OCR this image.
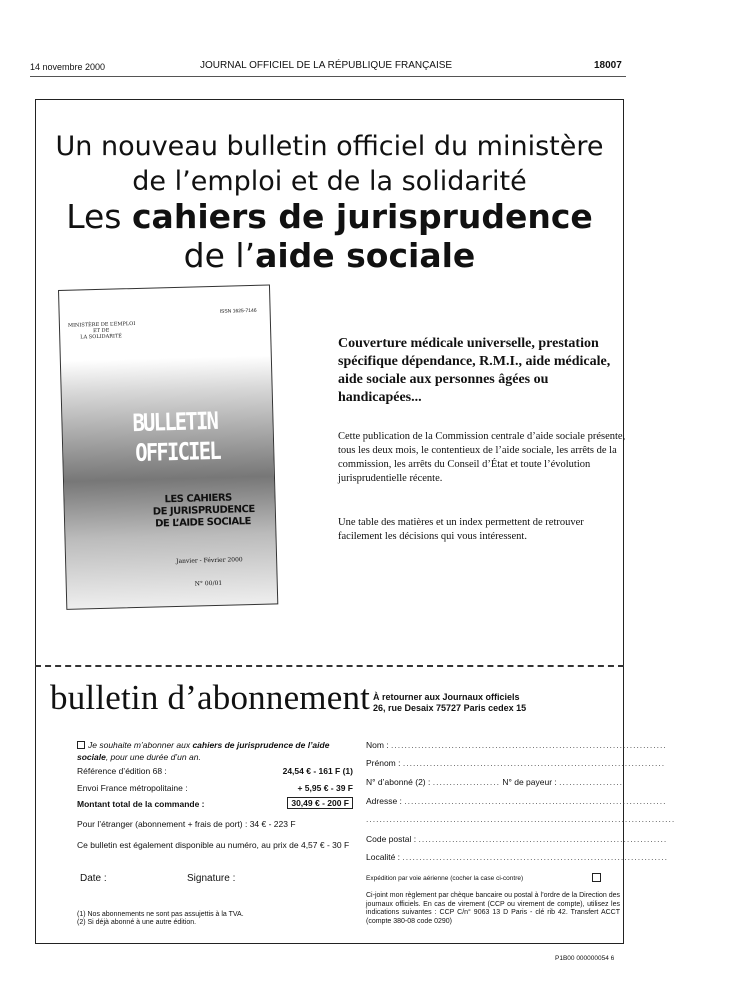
14 novembre 2000	JOURNAL OFFICIEL DE LA RÉPUBLIQUE FRANÇAISE	18007
Un nouveau bulletin officiel du ministère
de l’emploi et de la solidarité
Les cahiers de jurisprudence
de l’aide sociale
ISSN 1625-7146
MINISTÈRE DE L’EMPLOI
ET DE
LA SOLIDARITÉ
BULLETIN
OFFICIEL
LES CAHIERS
DE JURISPRUDENCE
DE L’AIDE SOCIALE
Janvier - Février 2000
N° 00/01
Couverture médicale universelle, prestation spécifique dépendance, R.M.I., aide médicale, aide sociale aux personnes âgées ou handicapées...
Cette publication de la Commission centrale d’aide sociale présente, tous les deux mois, le contentieux de l’aide sociale, les arrêts de la commission, les arrêts du Conseil d’État et toute l’évolution jurisprudentielle récente.
Une table des matières et un index permettent de retrouver facilement les décisions qui vous intéressent.
bulletin d’abonnement À retourner aux Journaux officiels
26, rue Desaix 75727 Paris cedex 15
Je souhaite m’abonner aux cahiers de jurisprudence de l’aide sociale, pour une durée d’un an.
Référence d’édition 68 :	24,54 € - 161 F (1)
Envoi France métropolitaine :	+ 5,95 € - 39 F
Montant total de la commande :	30,49 € - 200 F
Pour l’étranger (abonnement + frais de port) : 34 € - 223 F
Ce bulletin est également disponible au numéro, au prix de 4,57 € - 30 F
Date :	Signature :
(1) Nos abonnements ne sont pas assujettis à la TVA.
(2) Si déjà abonné à une autre édition.
Nom : ..................................................................................
Prénom : ..............................................................................
N° d’abonné (2) : .................... N° de payeur : ...................
Adresse : ..............................................................................
............................................................................................
Code postal : ..........................................................................
Localité : ...............................................................................
Expédition par voie aérienne (cocher la case ci-contre)
Ci-joint mon règlement par chèque bancaire ou postal à l’ordre de la Direction des journaux officiels. En cas de virement (CCP ou virement de compte), utilisez les indications suivantes : CCP C/n° 9063 13 D Paris - clé rib 42. Transfert ACCT (compte 380-08 code 0290)
P1B00 000000054 6
